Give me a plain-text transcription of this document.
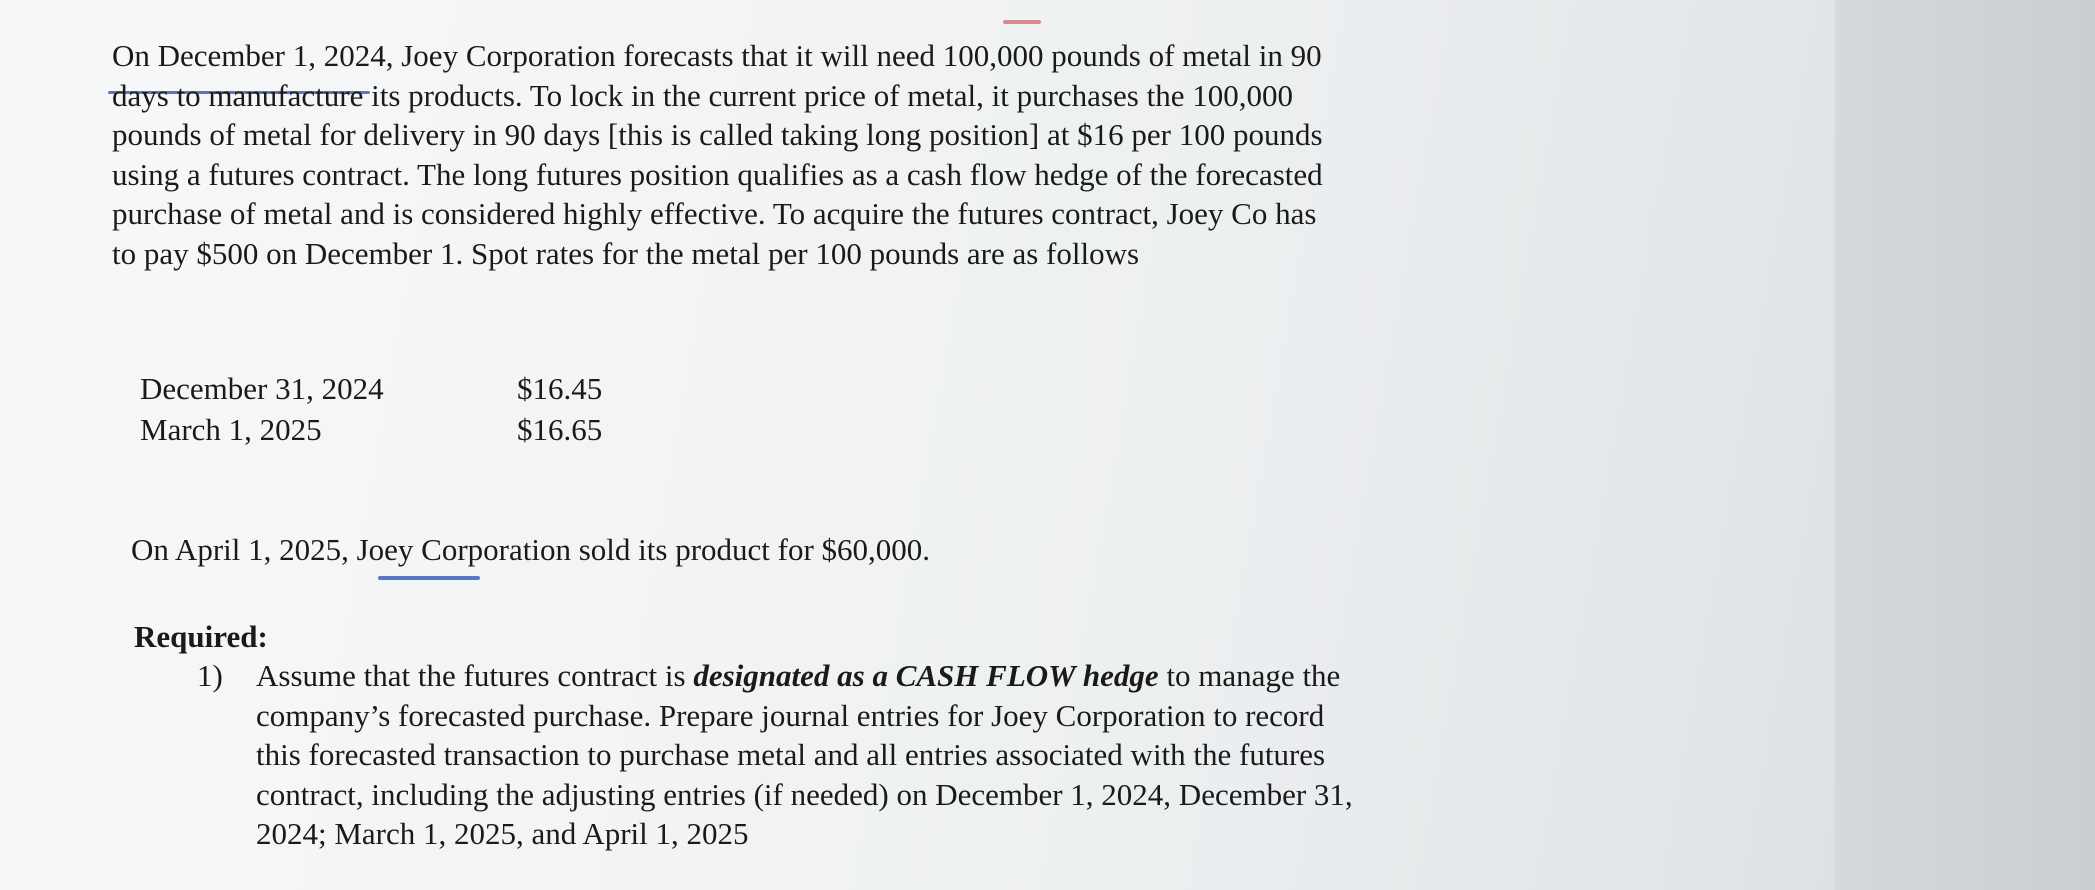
On December 1, 2024, Joey Corporation forecasts that it will need 100,000 pounds of metal in 90
days to manufacture its products. To lock in the current price of metal, it purchases the 100,000
pounds of metal for delivery in 90 days [this is called taking long position] at $16 per 100 pounds
using a futures contract. The long futures position qualifies as a cash flow hedge of the forecasted
purchase of metal and is considered highly effective. To acquire the futures contract, Joey Co has
to pay $500 on December 1. Spot rates for the metal per 100 pounds are as follows
December 31, 2024	$16.45
March 1, 2025	$16.65
On April 1, 2025, Joey Corporation sold its product for $60,000.
Required:
1)	Assume that the futures contract is designated as a CASH FLOW hedge to manage the
company’s forecasted purchase. Prepare journal entries for Joey Corporation to record
this forecasted transaction to purchase metal and all entries associated with the futures
contract, including the adjusting entries (if needed) on December 1, 2024, December 31,
2024; March 1, 2025, and April 1, 2025
